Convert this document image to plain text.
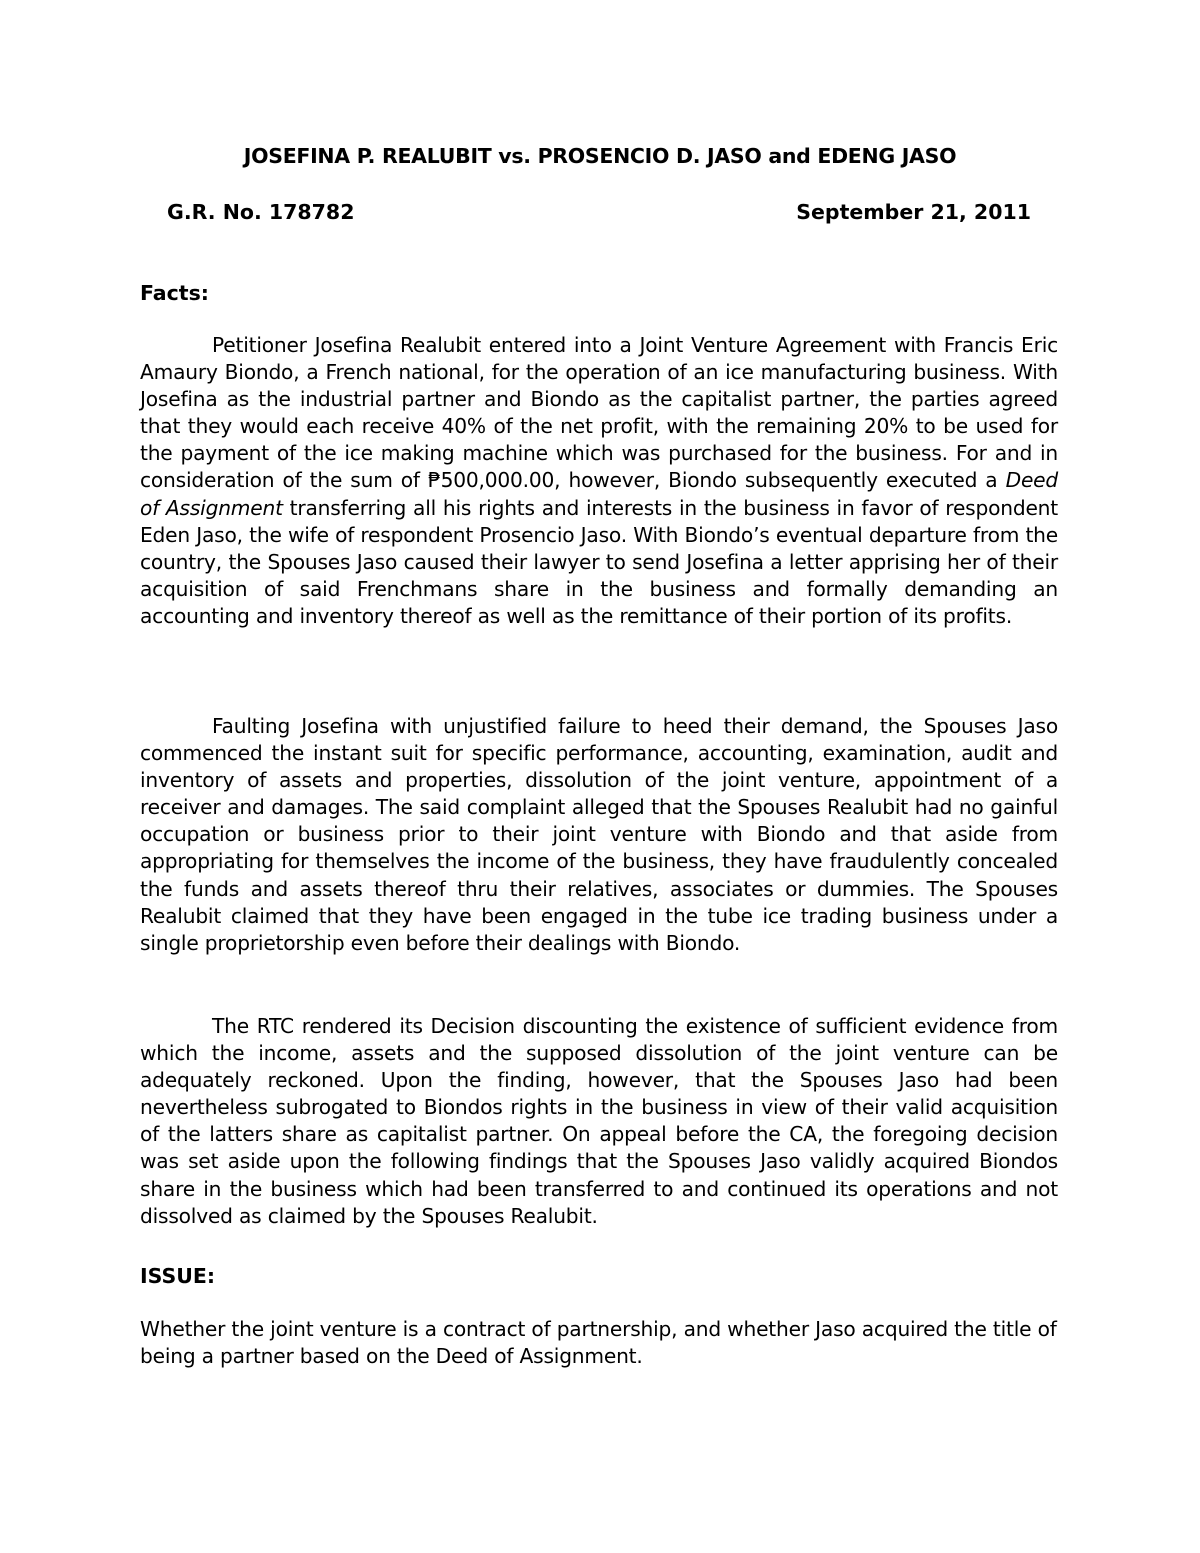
JOSEFINA P. REALUBIT vs. PROSENCIO D. JASO and EDENG JASO
G.R. No. 178782	September 21, 2011
Facts:
Petitioner Josefina Realubit entered into a Joint Venture Agreement with Francis Eric Amaury Biondo, a French national, for the operation of an ice manufacturing business. With Josefina as the industrial partner and Biondo as the capitalist partner, the parties agreed that they would each receive 40% of the net profit, with the remaining 20% to be used for the payment of the ice making machine which was purchased for the business. For and in consideration of the sum of ₱500,000.00, however, Biondo subsequently executed a Deed of Assignment transferring all his rights and interests in the business in favor of respondent Eden Jaso, the wife of respondent Prosencio Jaso. With Biondo’s eventual departure from the country, the Spouses Jaso caused their lawyer to send Josefina a letter apprising her of their acquisition of said Frenchmans share in the business and formally demanding an accounting and inventory thereof as well as the remittance of their portion of its profits.
Faulting Josefina with unjustified failure to heed their demand, the Spouses Jaso commenced the instant suit for specific performance, accounting, examination, audit and inventory of assets and properties, dissolution of the joint venture, appointment of a receiver and damages. The said complaint alleged that the Spouses Realubit had no gainful occupation or business prior to their joint venture with Biondo and that aside from appropriating for themselves the income of the business, they have fraudulently concealed the funds and assets thereof thru their relatives, associates or dummies. The Spouses Realubit claimed that they have been engaged in the tube ice trading business under a single proprietorship even before their dealings with Biondo.
The RTC rendered its Decision discounting the existence of sufficient evidence from which the income, assets and the supposed dissolution of the joint venture can be adequately reckoned. Upon the finding, however, that the Spouses Jaso had been nevertheless subrogated to Biondos rights in the business in view of their valid acquisition of the latters share as capitalist partner. On appeal before the CA, the foregoing decision was set aside upon the following findings that the Spouses Jaso validly acquired Biondos share in the business which had been transferred to and continued its operations and not dissolved as claimed by the Spouses Realubit.
ISSUE:
Whether the joint venture is a contract of partnership, and whether Jaso acquired the title of being a partner based on the Deed of Assignment.
